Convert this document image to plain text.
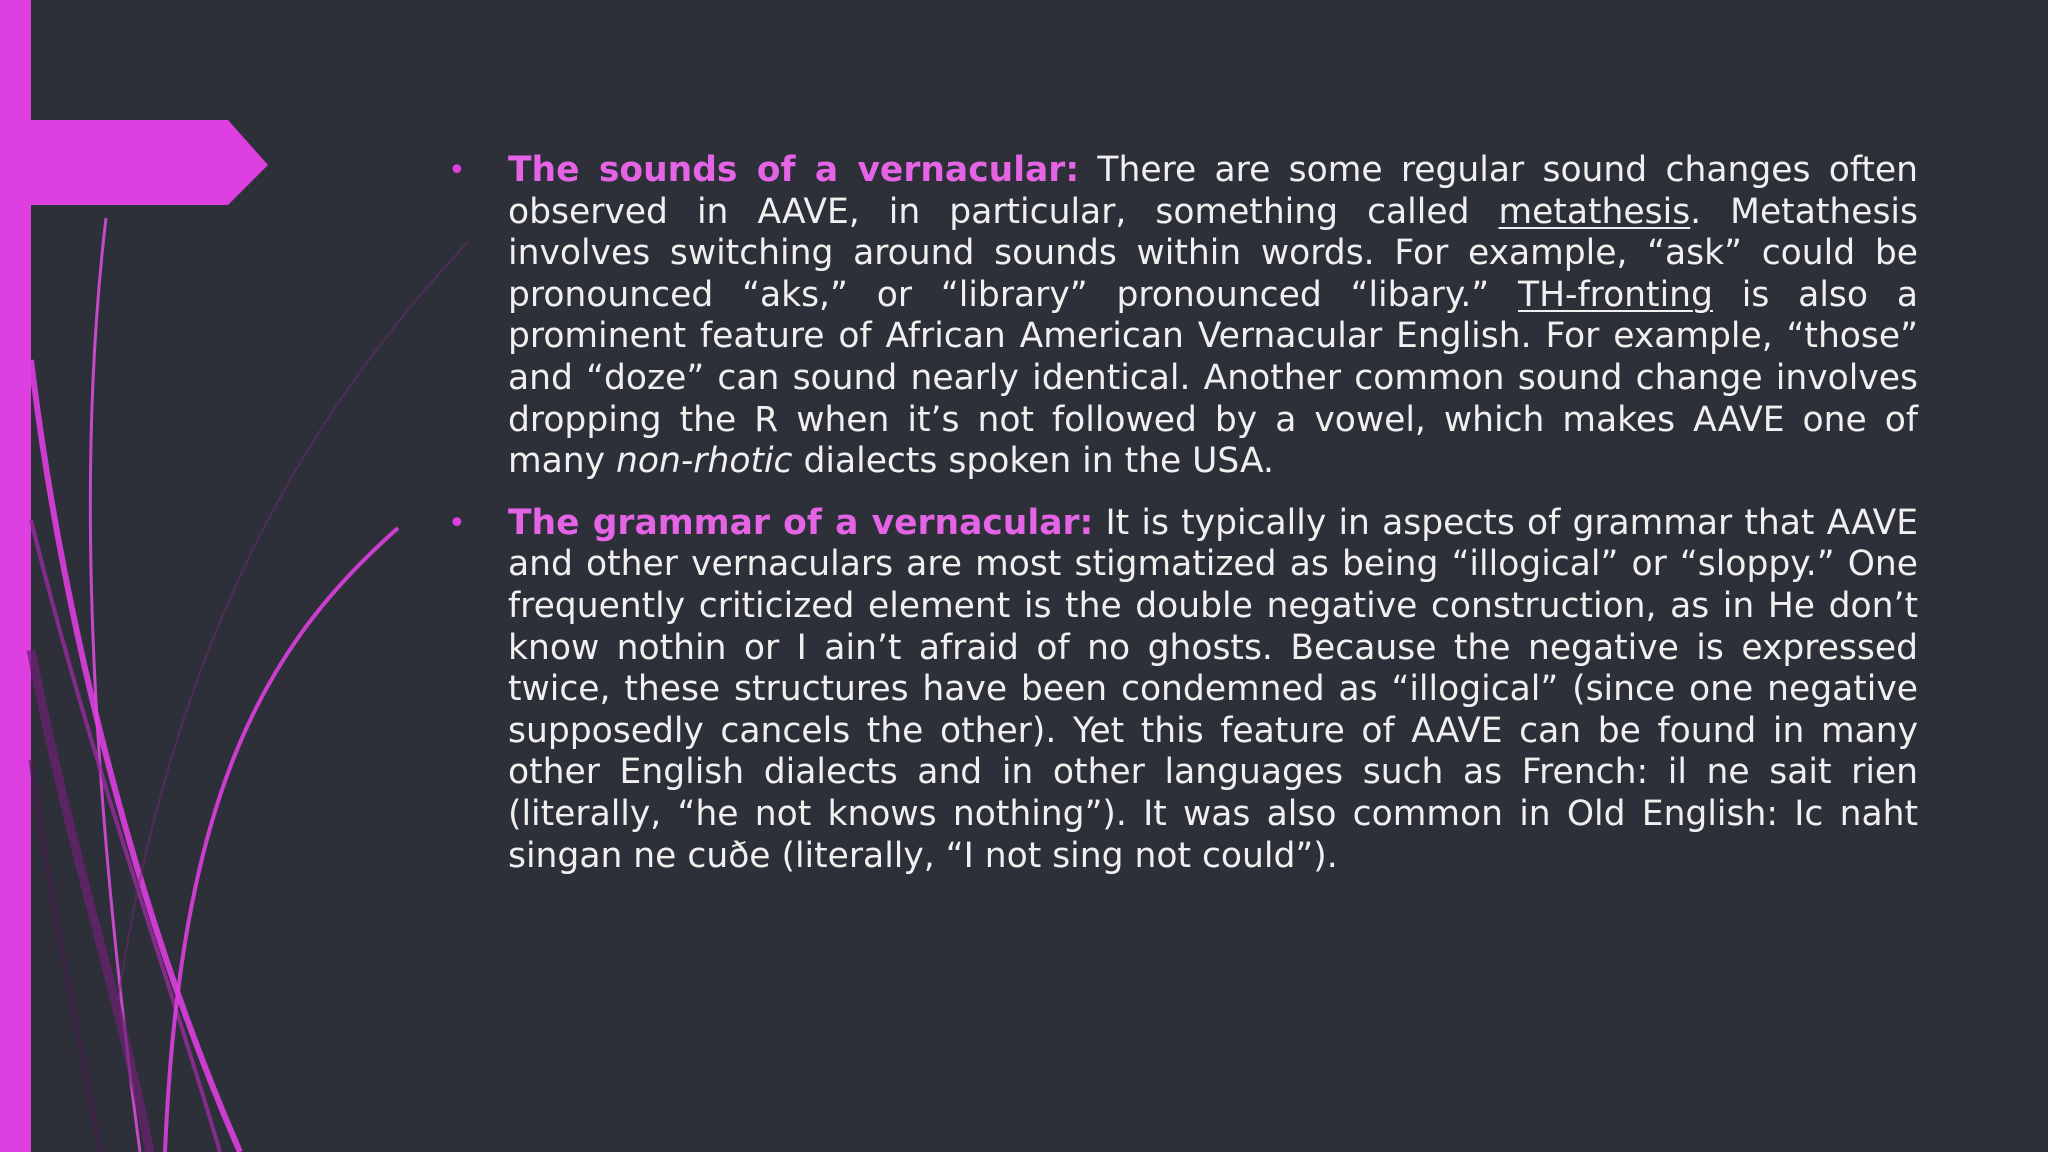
• The sounds of a vernacular: There are some regular sound changes often observed in AAVE, in particular, something called metathesis. Metathesis involves switching around sounds within words. For example, “ask” could be pronounced “aks,” or “library” pronounced “libary.” TH-fronting is also a prominent feature of African American Vernacular English. For example, “those” and “doze” can sound nearly identical. Another common sound change involves dropping the R when it’s not followed by a vowel, which makes AAVE one of many non-rhotic dialects spoken in the USA.
• The grammar of a vernacular: It is typically in aspects of grammar that AAVE and other vernaculars are most stigmatized as being “illogical” or “sloppy.” One frequently criticized element is the double negative construction, as in He don’t know nothin or I ain’t afraid of no ghosts. Because the negative is expressed twice, these structures have been condemned as “illogical” (since one negative supposedly cancels the other). Yet this feature of AAVE can be found in many other English dialects and in other languages such as French: il ne sait rien (literally, “he not knows nothing”). It was also common in Old English: Ic naht singan ne cuðe (literally, “I not sing not could”).
